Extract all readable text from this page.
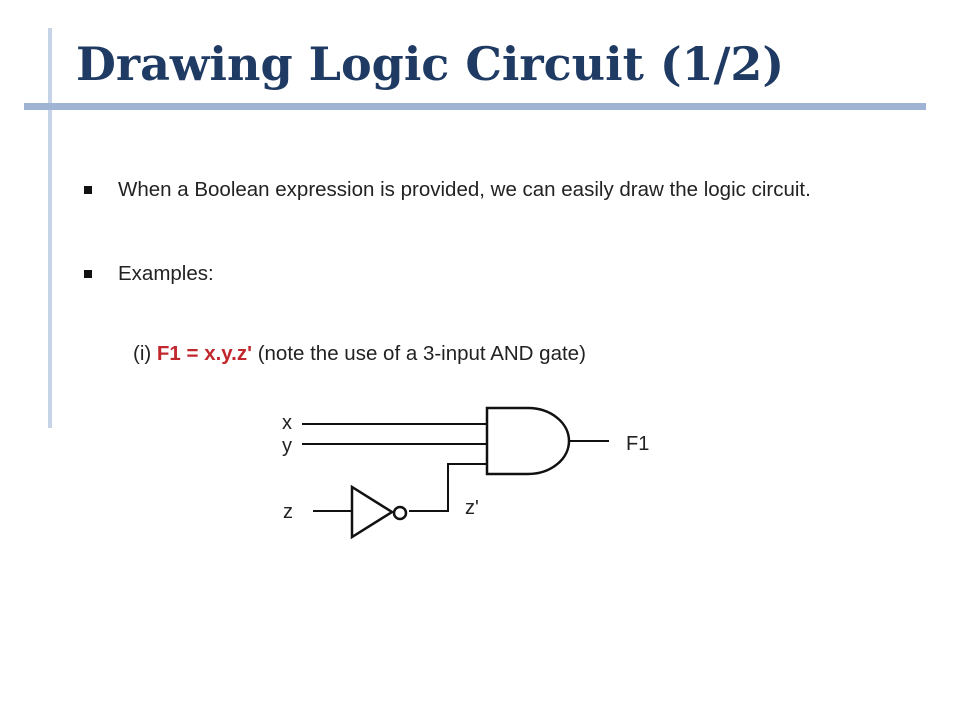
Drawing Logic Circuit (1/2)
When a Boolean expression is provided, we can easily draw the logic circuit.
Examples:
(i) F1 = x.y.z' (note the use of a 3-input AND gate)
x
y
z	z'
F1
